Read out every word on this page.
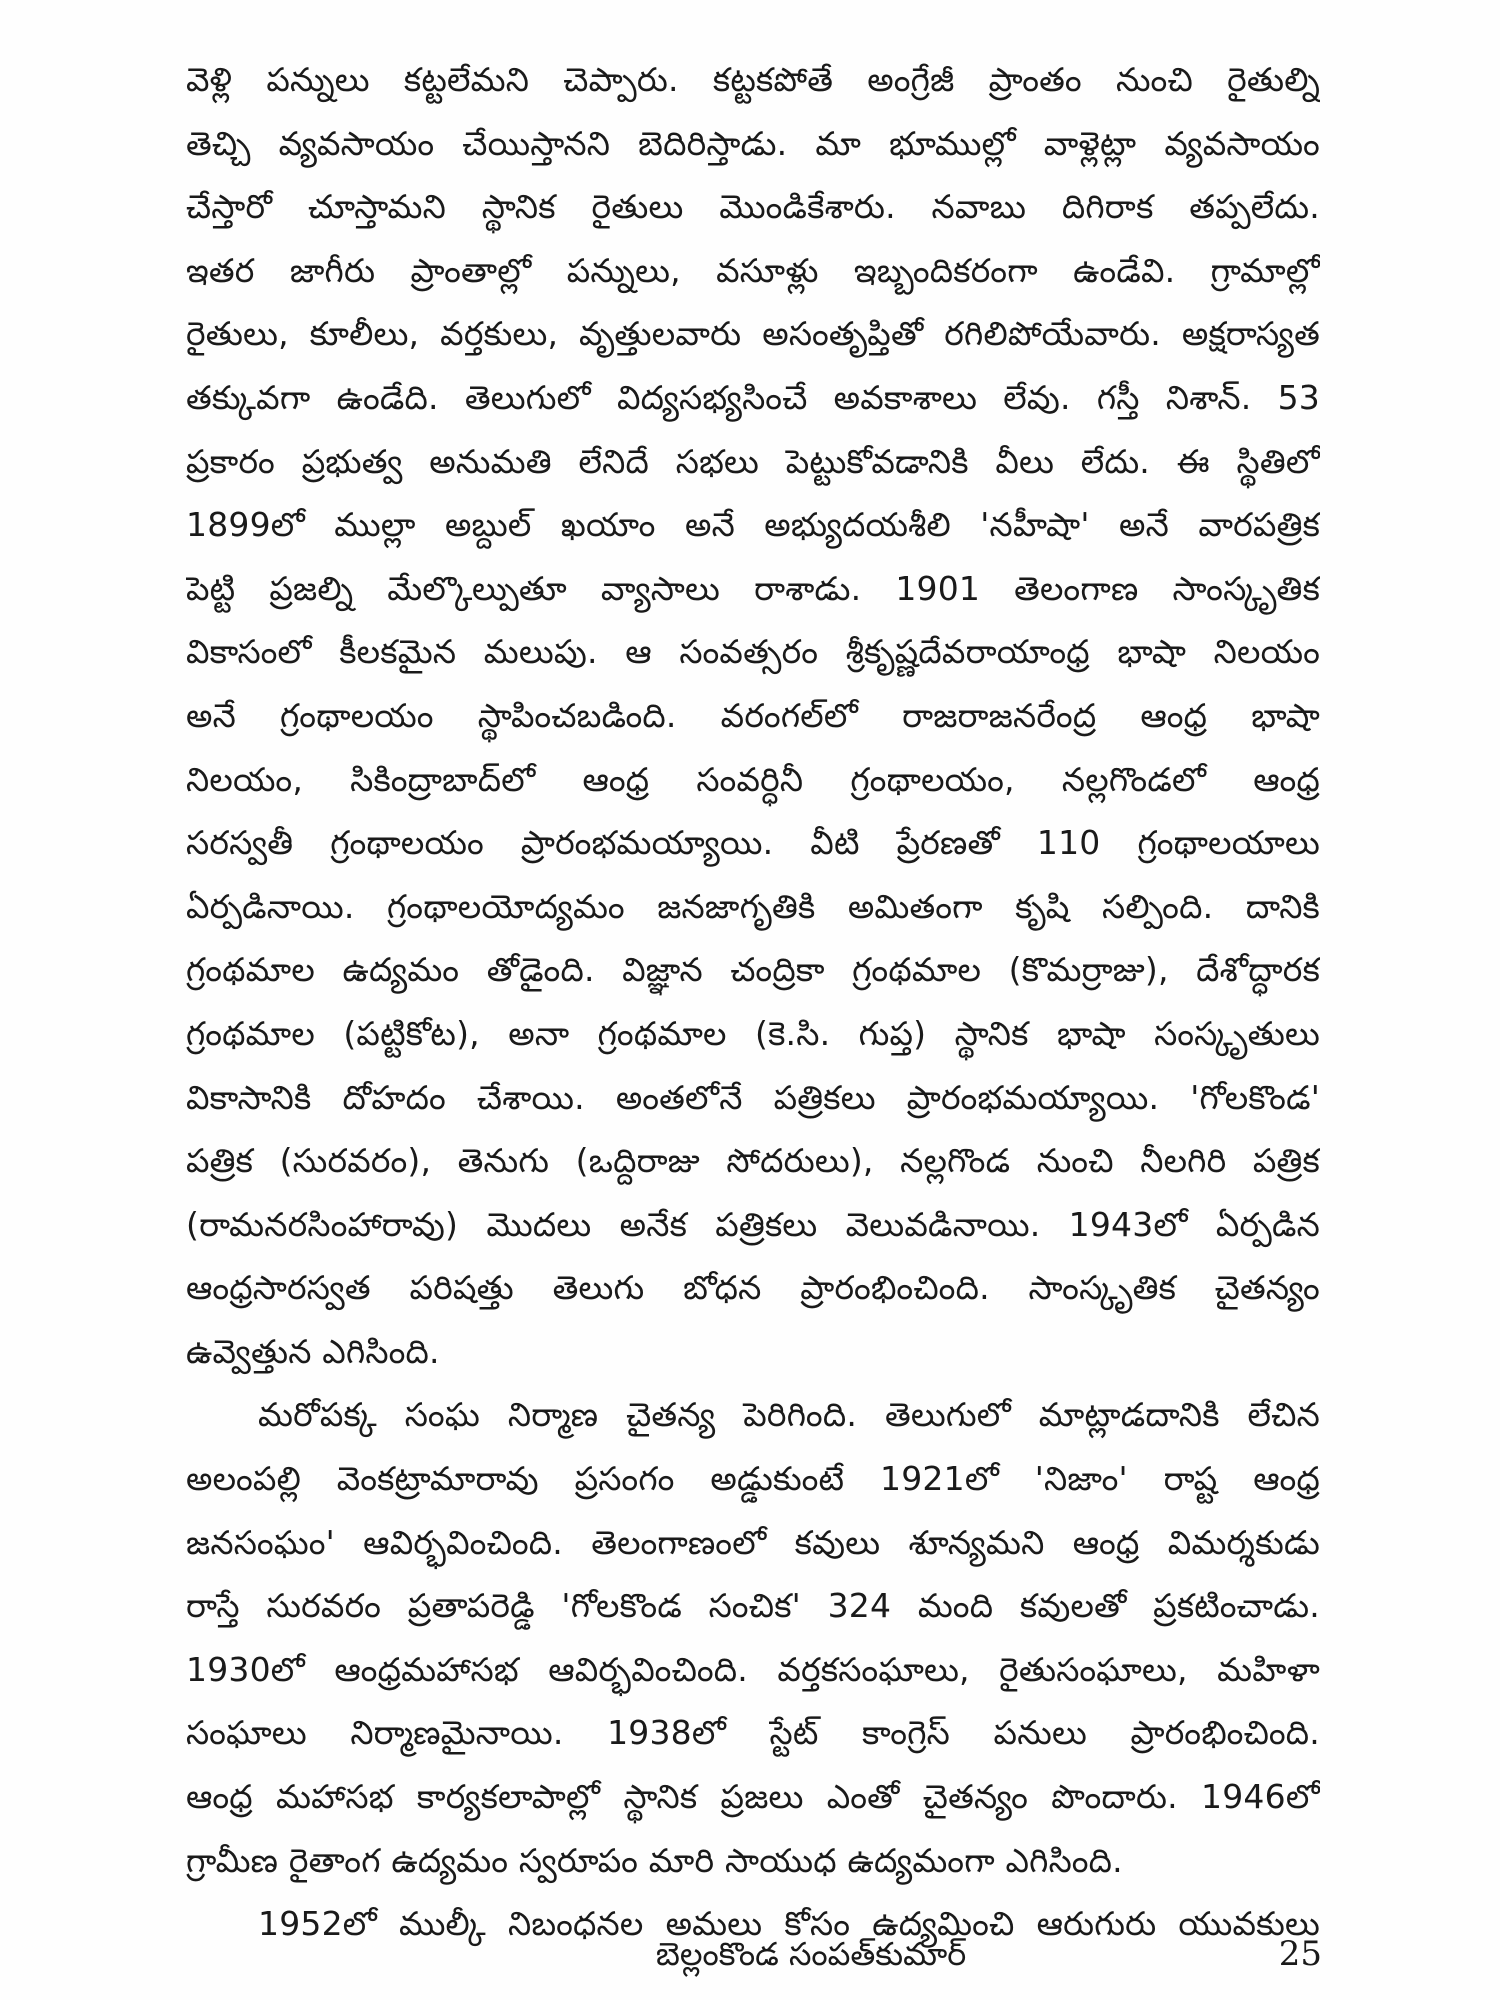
వెళ్లి పన్నులు కట్టలేమని చెప్పారు. కట్టకపోతే అంగ్రేజీ ప్రాంతం నుంచి రైతుల్ని
తెచ్చి వ్యవసాయం చేయిస్తానని బెదిరిస్తాడు. మా భూముల్లో వాళ్లెట్లా వ్యవసాయం
చేస్తారో చూస్తామని స్థానిక రైతులు మొండికేశారు. నవాబు దిగిరాక తప్పలేదు.
ఇతర జాగీరు ప్రాంతాల్లో పన్నులు, వసూళ్లు ఇబ్బందికరంగా ఉండేవి. గ్రామాల్లో
రైతులు, కూలీలు, వర్తకులు, వృత్తులవారు అసంతృప్తితో రగిలిపోయేవారు. అక్షరాస్యత
తక్కువగా ఉండేది. తెలుగులో విద్యసభ్యసించే అవకాశాలు లేవు. గస్తీ నిశాన్. 53
ప్రకారం ప్రభుత్వ అనుమతి లేనిదే సభలు పెట్టుకోవడానికి వీలు లేదు. ఈ స్థితిలో
1899లో ముల్లా అబ్దుల్ ఖయాం అనే అభ్యుదయశీలి 'నహీషా' అనే వారపత్రిక
పెట్టి ప్రజల్ని మేల్కొల్పుతూ వ్యాసాలు రాశాడు. 1901 తెలంగాణ సాంస్కృతిక
వికాసంలో కీలకమైన మలుపు. ఆ సంవత్సరం శ్రీకృష్ణదేవరాయాంధ్ర భాషా నిలయం
అనే గ్రంథాలయం స్థాపించబడింది. వరంగల్‌లో రాజరాజనరేంద్ర ఆంధ్ర భాషా
నిలయం, సికింద్రాబాద్‌లో ఆంధ్ర సంవర్ధినీ గ్రంథాలయం, నల్లగొండలో ఆంధ్ర
సరస్వతీ గ్రంథాలయం ప్రారంభమయ్యాయి. వీటి ప్రేరణతో 110 గ్రంథాలయాలు
ఏర్పడినాయి. గ్రంథాలయోద్యమం జనజాగృతికి అమితంగా కృషి సల్పింది. దానికి
గ్రంథమాల ఉద్యమం తోడైంది. విజ్ఞాన చంద్రికా గ్రంథమాల (కొమర్రాజు), దేశోద్ధారక
గ్రంథమాల (పట్టికోట), అనా గ్రంథమాల (కె.సి. గుప్త) స్థానిక భాషా సంస్కృతులు
వికాసానికి దోహదం చేశాయి. అంతలోనే పత్రికలు ప్రారంభమయ్యాయి. 'గోలకొండ'
పత్రిక (సురవరం), తెనుగు (ఒద్దిరాజు సోదరులు), నల్లగొండ నుంచి నీలగిరి పత్రిక
(రామనరసింహారావు) మొదలు అనేక పత్రికలు వెలువడినాయి. 1943లో ఏర్పడిన
ఆంధ్రసారస్వత పరిషత్తు తెలుగు బోధన ప్రారంభించింది. సాంస్కృతిక చైతన్యం
ఉవ్వెత్తున ఎగిసింది.
మరోపక్క సంఘ నిర్మాణ చైతన్య పెరిగింది. తెలుగులో మాట్లాడదానికి లేచిన
అలంపల్లి వెంకట్రామారావు ప్రసంగం అడ్డుకుంటే 1921లో 'నిజాం' రాష్ట ఆంధ్ర
జనసంఘం' ఆవిర్భవించింది. తెలంగాణంలో కవులు శూన్యమని ఆంధ్ర విమర్శకుడు
రాస్తే సురవరం ప్రతాపరెడ్డి 'గోలకొండ సంచిక' 324 మంది కవులతో ప్రకటించాడు.
1930లో ఆంధ్రమహాసభ ఆవిర్భవించింది. వర్తకసంఘాలు, రైతుసంఘాలు, మహిళా
సంఘాలు నిర్మాణమైనాయి. 1938లో స్టేట్ కాంగ్రెస్ పనులు ప్రారంభించింది.
ఆంధ్ర మహాసభ కార్యకలాపాల్లో స్థానిక ప్రజలు ఎంతో చైతన్యం పొందారు. 1946లో
గ్రామీణ రైతాంగ ఉద్యమం స్వరూపం మారి సాయుధ ఉద్యమంగా ఎగిసింది.
1952లో ముల్కీ నిబంధనల అమలు కోసం ఉద్యమించి ఆరుగురు యువకులు
బెల్లంకొండ సంపత్‌కుమార్	25
